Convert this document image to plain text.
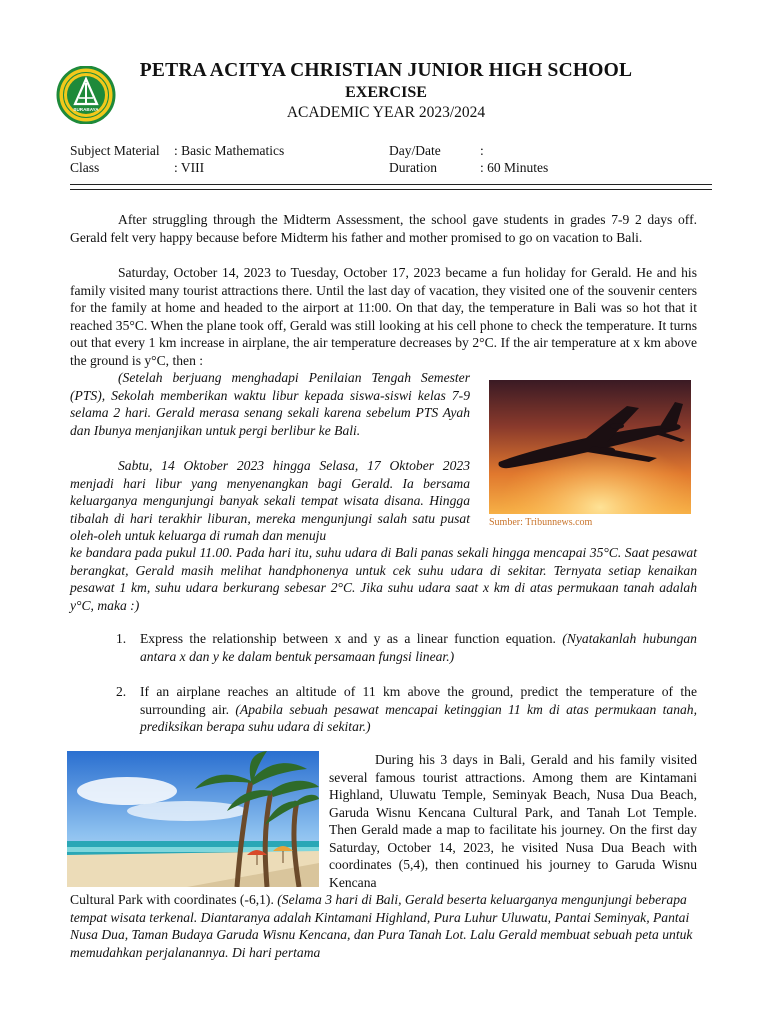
SURABAYA
PETRA ACITYA CHRISTIAN JUNIOR HIGH SCHOOL
EXERCISE
ACADEMIC YEAR 2023/2024
Subject Material : Basic Mathematics
Class	: VIII
Day/Date	:
Duration	: 60 Minutes

After struggling through the Midterm Assessment, the school gave students in grades 7-9 2 days off. Gerald felt very happy because before Midterm his father and mother promised to go on vacation to Bali.

Saturday, October 14, 2023 to Tuesday, October 17, 2023 became a fun holiday for Gerald. He and his family visited many tourist attractions there. Until the last day of vacation, they visited one of the souvenir centers for the family at home and headed to the airport at 11:00. On that day, the temperature in Bali was so hot that it reached 35°C. When the plane took off, Gerald was still looking at his cell phone to check the temperature. It turns out that every 1 km increase in airplane, the air temperature decreases by 2°C. If the air temperature at x km above the ground is y°C, then :

(Setelah berjuang menghadapi Penilaian Tengah Semester (PTS), Sekolah memberikan waktu libur kepada siswa-siswi kelas 7-9 selama 2 hari. Gerald merasa senang sekali karena sebelum PTS Ayah dan Ibunya menjanjikan untuk pergi berlibur ke Bali.

Sabtu, 14 Oktober 2023 hingga Selasa, 17 Oktober 2023 menjadi hari libur yang menyenangkan bagi Gerald. Ia bersama keluarganya mengunjungi banyak sekali tempat wisata disana. Hingga tibalah di hari terakhir liburan, mereka mengunjungi salah satu pusat oleh-oleh untuk keluarga di rumah dan menuju

ke bandara pada pukul 11.00. Pada hari itu, suhu udara di Bali panas sekali hingga mencapai 35°C. Saat pesawat berangkat, Gerald masih melihat handphonenya untuk cek suhu udara di sekitar. Ternyata setiap kenaikan pesawat 1 km, suhu udara berkurang sebesar 2°C. Jika suhu udara saat x km di atas permukaan tanah adalah y°C, maka :)

Sumber: Tribunnews.com
1. Express the relationship between x and y as a linear function equation. (Nyatakanlah hubungan antara x dan y ke dalam bentuk persamaan fungsi linear.)
2. If an airplane reaches an altitude of 11 km above the ground, predict the temperature of the surrounding air. (Apabila sebuah pesawat mencapai ketinggian 11 km di atas permukaan tanah, prediksikan berapa suhu udara di sekitar.)

During his 3 days in Bali, Gerald and his family visited several famous tourist attractions. Among them are Kintamani Highland, Uluwatu Temple, Seminyak Beach, Nusa Dua Beach, Garuda Wisnu Kencana Cultural Park, and Tanah Lot Temple. Then Gerald made a map to facilitate his journey. On the first day Saturday, October 14, 2023, he visited Nusa Dua Beach with coordinates (5,4), then continued his journey to Garuda Wisnu Kencana

Cultural Park with coordinates (-6,1). (Selama 3 hari di Bali, Gerald beserta keluarganya mengunjungi beberapa tempat wisata terkenal. Diantaranya adalah Kintamani Highland, Pura Luhur Uluwatu, Pantai Seminyak, Pantai Nusa Dua, Taman Budaya Garuda Wisnu Kencana, dan Pura Tanah Lot. Lalu Gerald membuat sebuah peta untuk memudahkan perjalanannya. Di hari pertama
